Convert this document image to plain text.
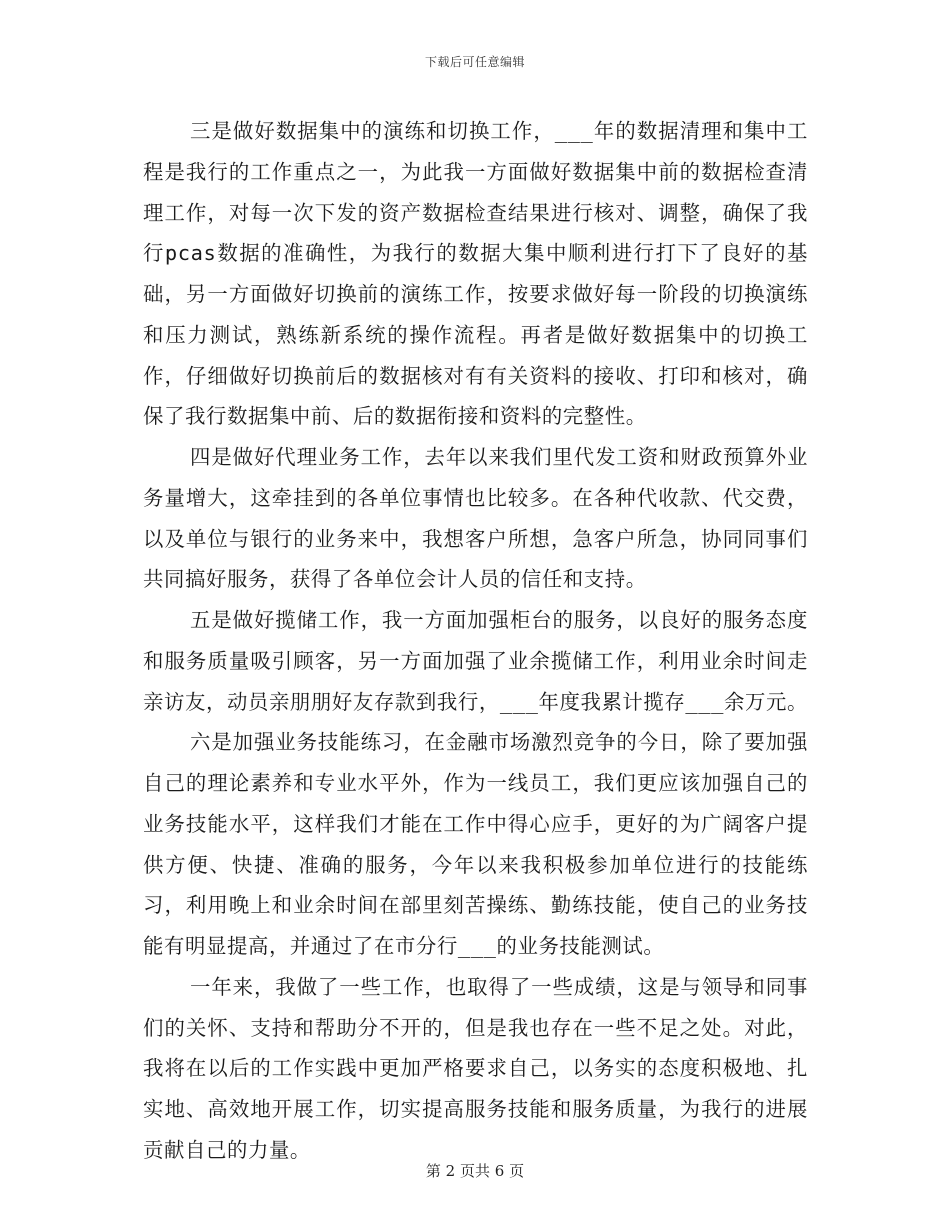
下载后可任意编辑

三是做好数据集中的演练和切换工作，___年的数据清理和集中工程是我行的工作重点之一，为此我一方面做好数据集中前的数据检查清理工作，对每一次下发的资产数据检查结果进行核对、调整，确保了我行pcas数据的准确性，为我行的数据大集中顺利进行打下了良好的基础，另一方面做好切换前的演练工作，按要求做好每一阶段的切换演练和压力测试，熟练新系统的操作流程。再者是做好数据集中的切换工作，仔细做好切换前后的数据核对有有关资料的接收、打印和核对，确保了我行数据集中前、后的数据衔接和资料的完整性。

四是做好代理业务工作，去年以来我们里代发工资和财政预算外业务量增大，这牵挂到的各单位事情也比较多。在各种代收款、代交费，以及单位与银行的业务来中，我想客户所想，急客户所急，协同同事们共同搞好服务，获得了各单位会计人员的信任和支持。

五是做好揽储工作，我一方面加强柜台的服务，以良好的服务态度和服务质量吸引顾客，另一方面加强了业余揽储工作，利用业余时间走亲访友，动员亲朋朋好友存款到我行，___年度我累计揽存___余万元。

六是加强业务技能练习，在金融市场激烈竞争的今日，除了要加强自己的理论素养和专业水平外，作为一线员工，我们更应该加强自己的业务技能水平，这样我们才能在工作中得心应手，更好的为广阔客户提供方便、快捷、准确的服务，今年以来我积极参加单位进行的技能练习，利用晚上和业余时间在部里刻苦操练、勤练技能，使自己的业务技能有明显提高，并通过了在市分行___的业务技能测试。

一年来，我做了一些工作，也取得了一些成绩，这是与领导和同事们的关怀、支持和帮助分不开的，但是我也存在一些不足之处。对此，我将在以后的工作实践中更加严格要求自己，以务实的态度积极地、扎实地、高效地开展工作，切实提高服务技能和服务质量，为我行的进展贡献自己的力量。

第 2 页共 6 页
